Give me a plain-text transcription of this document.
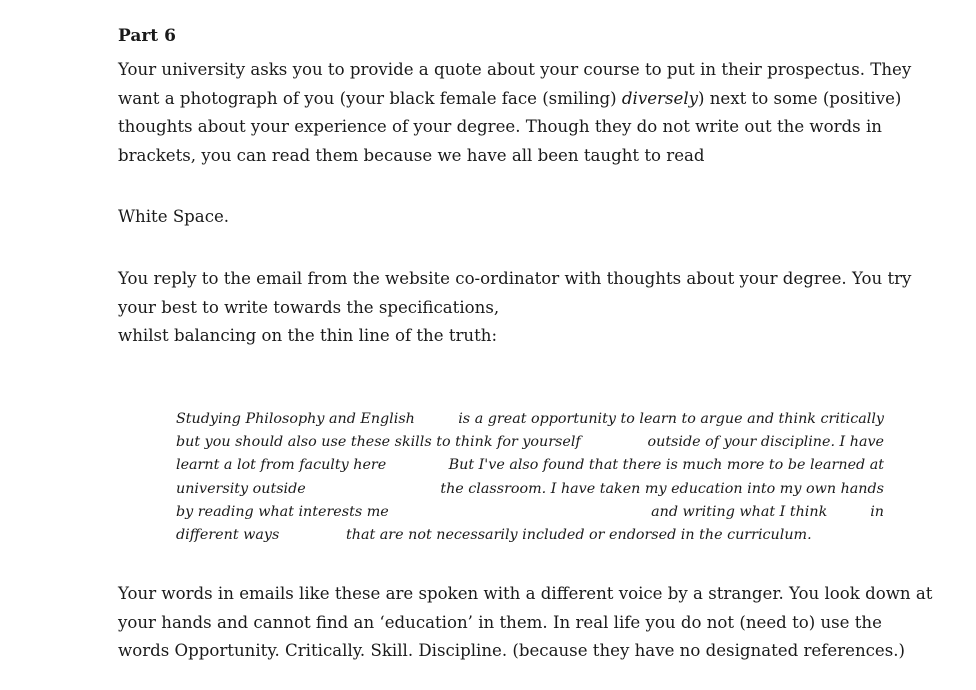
Part 6
Your university asks you to provide a quote about your course to put in their prospectus. They
want a photograph of you (your black female face (smiling) diversely) next to some (positive)
thoughts about your experience of your degree. Though they do not write out the words in
brackets, you can read them because we have all been taught to read
White Space.
You reply to the email from the website co-ordinator with thoughts about your degree. You try
your best to write towards the specifications,
whilst balancing on the thin line of the truth:
Studying Philosophy and English	is a great opportunity to learn to argue and think critically
but you should also use these skills to think for yourself	outside of your discipline. I have
learnt a lot from faculty here	But I've also found that there is much more to be learned at
university outside	the classroom. I have taken my education into my own hands
by reading what interests me	and writing what I think	in
different ways	that are not necessarily included or endorsed in the curriculum.
Your words in emails like these are spoken with a different voice by a stranger. You look down at
your hands and cannot find an ‘education’ in them. In real life you do not (need to) use the
words Opportunity. Critically. Skill. Discipline. (because they have no designated references.)
